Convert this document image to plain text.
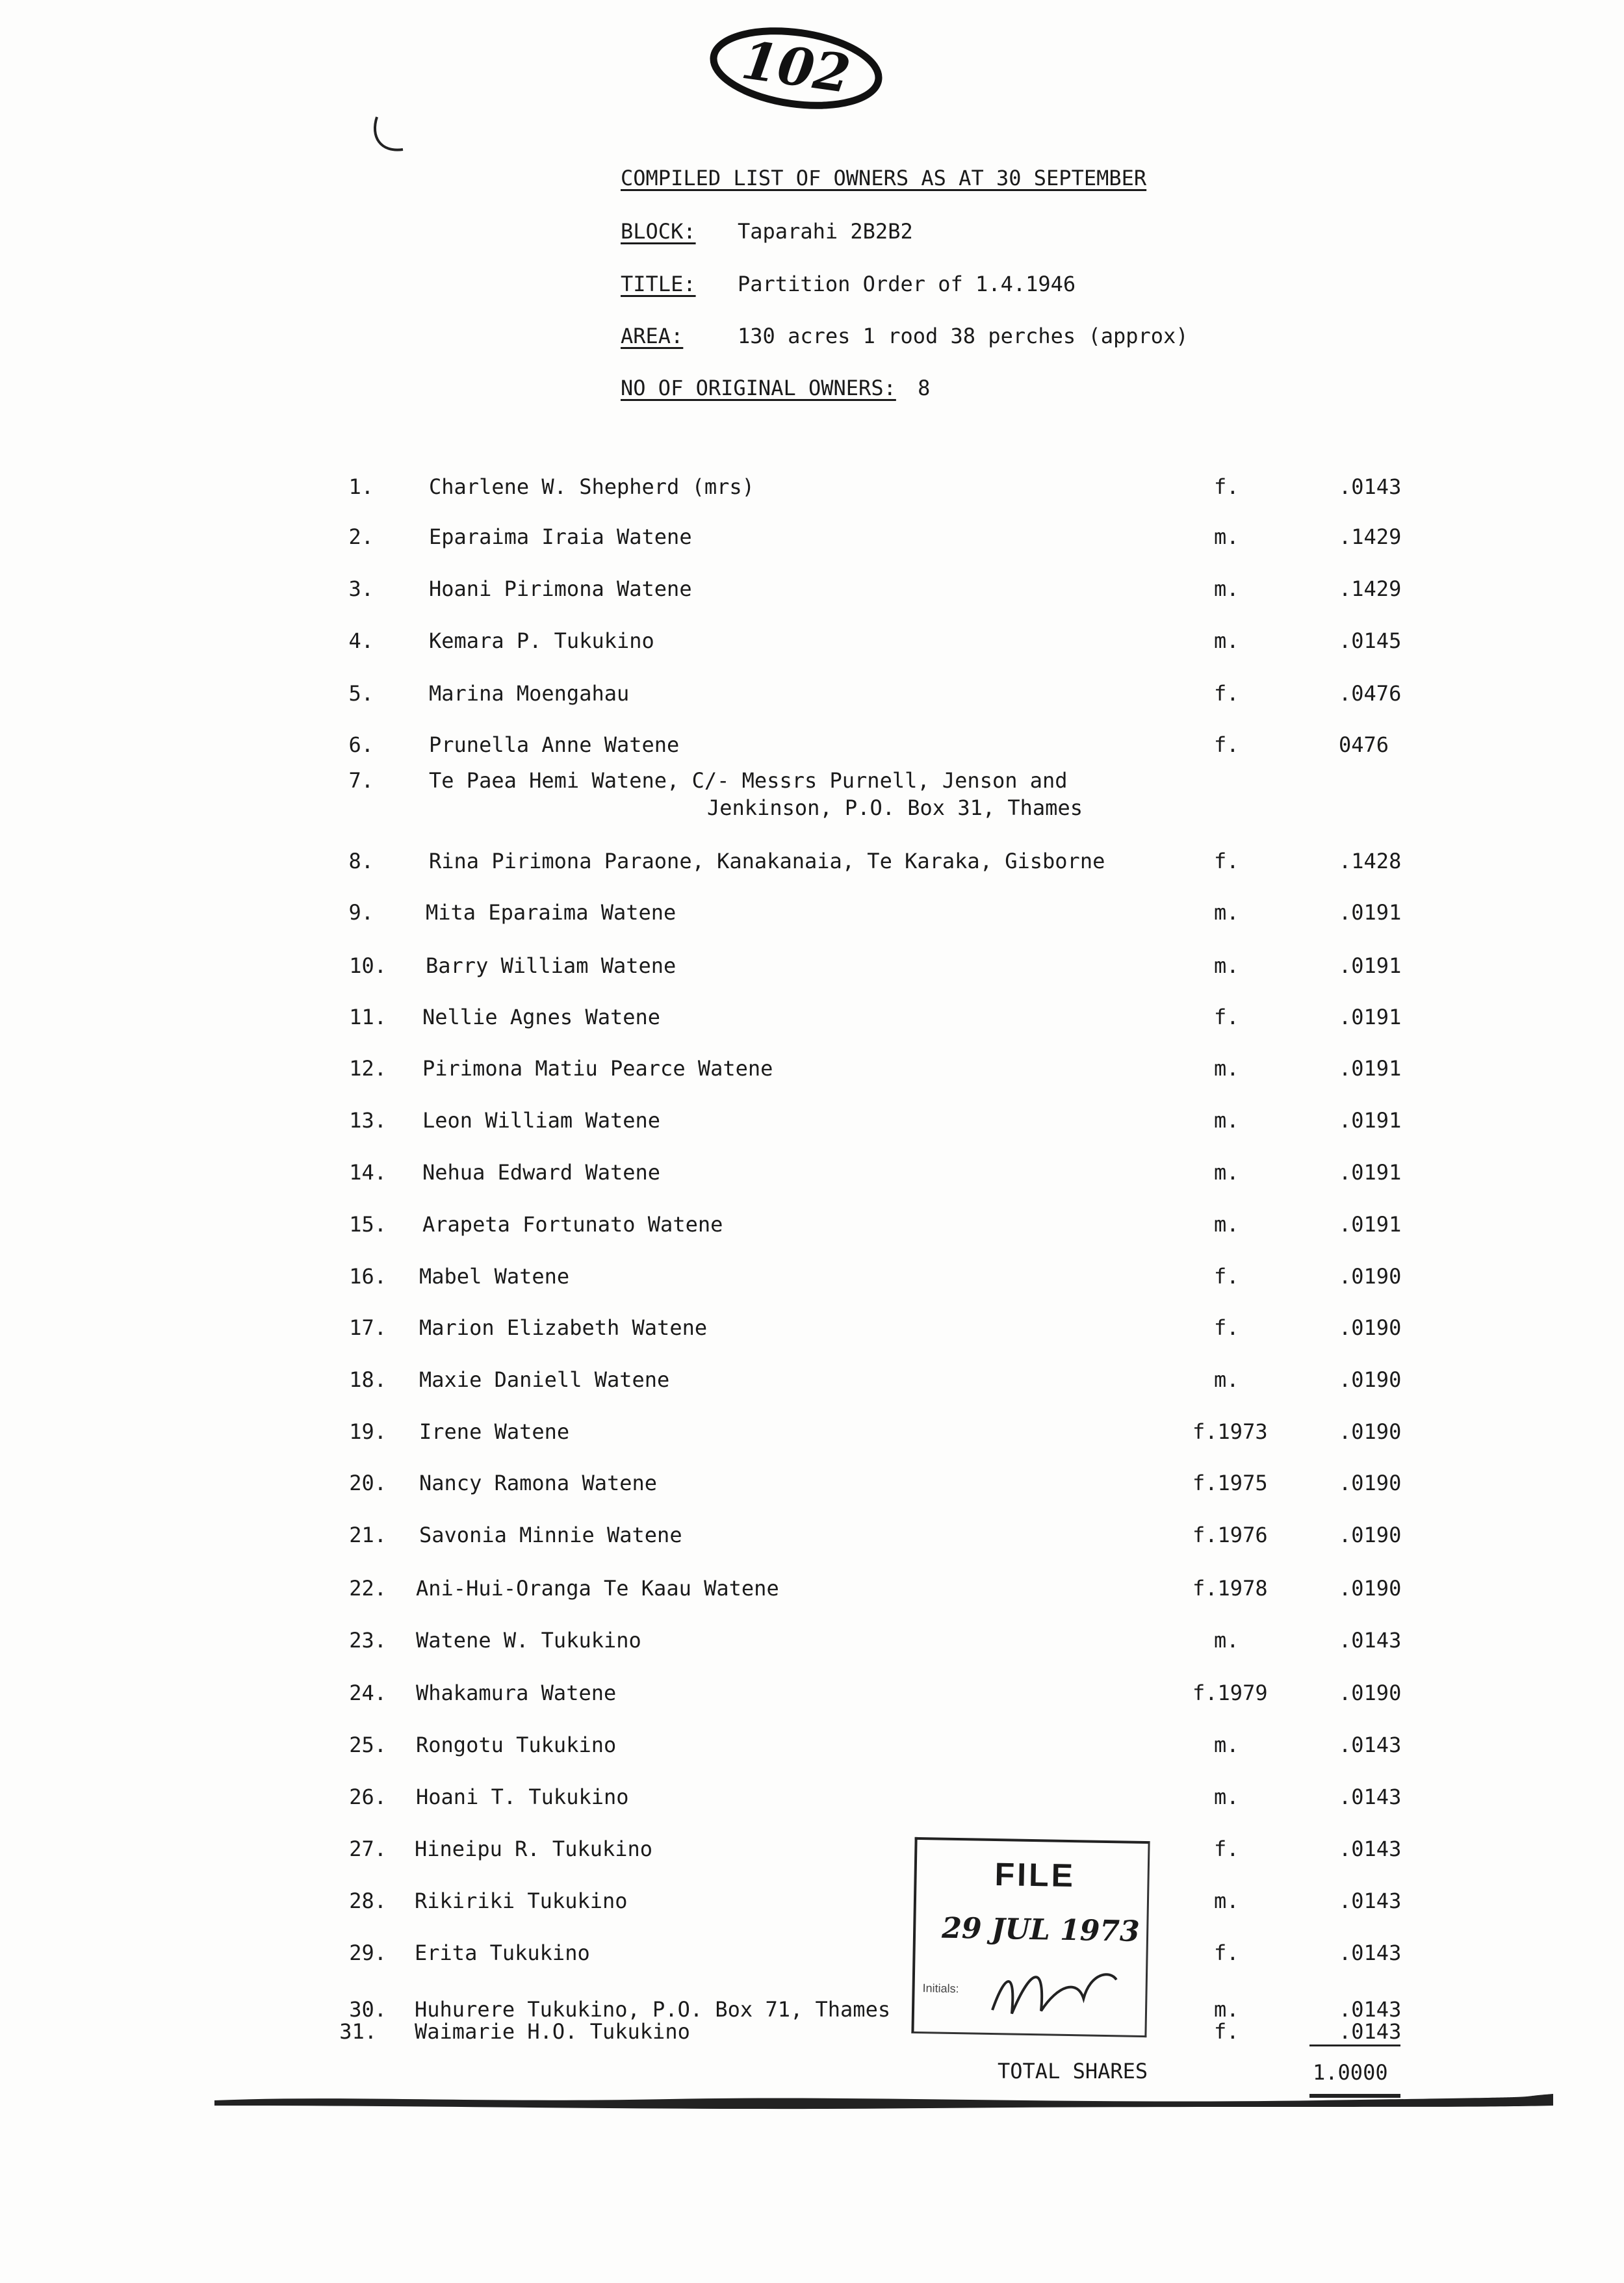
102
COMPILED LIST OF OWNERS AS AT 30 SEPTEMBER
BLOCK: Taparahi 2B2B2
TITLE: Partition Order of 1.4.1946
AREA:	130 acres 1 rood 38 perches (approx)
NO OF ORIGINAL OWNERS: 8
1.	Charlene W. Shepherd (mrs)	f.	.0143
2.	Eparaima Iraia Watene	m.	.1429
3.	Hoani Pirimona Watene	m.	.1429
4.	Kemara P. Tukukino	m.	.0145
5.	Marina Moengahau	f.	.0476
6.	Prunella Anne Watene	f.	0476
7.	Te Paea Hemi Watene, C/- Messrs Purnell, Jenson and
Jenkinson, P.O. Box 31, Thames
8.	Rina Pirimona Paraone, Kanakanaia, Te Karaka, Gisborne	f.	.1428
9.	Mita Eparaima Watene	m.	.0191
10. Barry William Watene	m.	.0191
11. Nellie Agnes Watene	f.	.0191
12. Pirimona Matiu Pearce Watene	m.	.0191
13. Leon William Watene	m.	.0191
14. Nehua Edward Watene	m.	.0191
15. Arapeta Fortunato Watene	m.	.0191
16. Mabel Watene	f.	.0190
17. Marion Elizabeth Watene	f.	.0190
18. Maxie Daniell Watene	m.	.0190
19. Irene Watene	f.1973	.0190
20. Nancy Ramona Watene	f.1975	.0190
21. Savonia Minnie Watene	f.1976	.0190
22. Ani-Hui-Oranga Te Kaau Watene	f.1978	.0190
23. Watene W. Tukukino	m.	.0143
24. Whakamura Watene	f.1979	.0190
25. Rongotu Tukukino	m.	.0143
26. Hoani T. Tukukino	m.	.0143
27. Hineipu R. Tukukino	f.	.0143
28. Rikiriki Tukukino	m.	.0143
29. Erita Tukukino	f.	.0143
30. Huhurere Tukukino, P.O. Box 71, Thames	m.	.0143
31. Waimarie H.O. Tukukino	f.	.0143
TOTAL SHARES	1.0000
FILE
29 JUL 1973
Initials:
